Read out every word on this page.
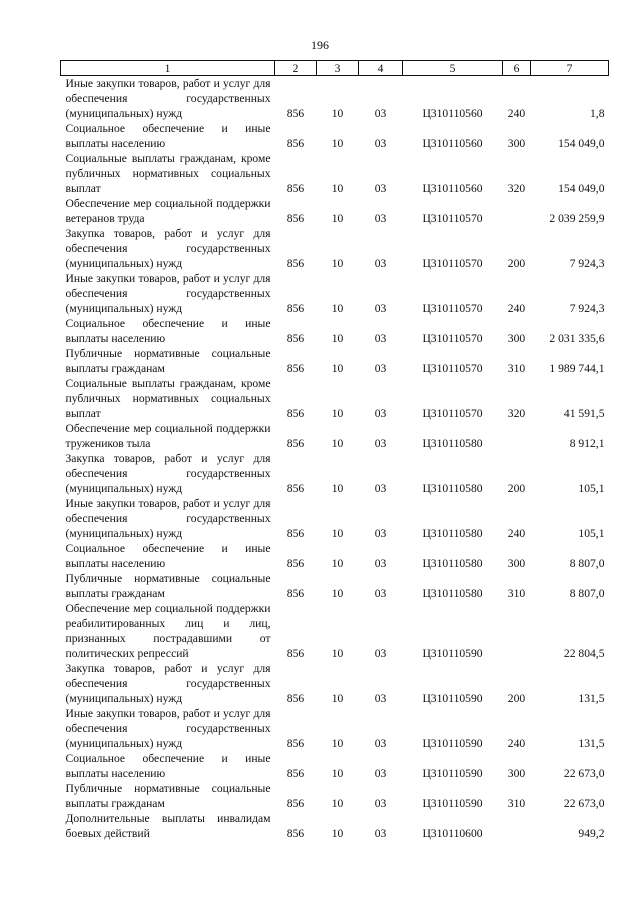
196
1	2	3	4	5	6	7
Иные закупки товаров, работ и услуг для обеспечения государственных (муниципальных) нужд	856	10	03	Ц310110560	240	1,8
Социальное обеспечение и иные выплаты населению	856	10	03	Ц310110560	300	154 049,0
Социальные выплаты гражданам, кроме публичных нормативных социальных выплат	856	10	03	Ц310110560	320	154 049,0
Обеспечение мер социальной поддержки ветеранов труда	856	10	03	Ц310110570		2 039 259,9
Закупка товаров, работ и услуг для обеспечения государственных (муниципальных) нужд	856	10	03	Ц310110570	200	7 924,3
Иные закупки товаров, работ и услуг для обеспечения государственных (муниципальных) нужд	856	10	03	Ц310110570	240	7 924,3
Социальное обеспечение и иные выплаты населению	856	10	03	Ц310110570	300	2 031 335,6
Публичные нормативные социальные выплаты гражданам	856	10	03	Ц310110570	310	1 989 744,1
Социальные выплаты гражданам, кроме публичных нормативных социальных выплат	856	10	03	Ц310110570	320	41 591,5
Обеспечение мер социальной поддержки тружеников тыла	856	10	03	Ц310110580		8 912,1
Закупка товаров, работ и услуг для обеспечения государственных (муниципальных) нужд	856	10	03	Ц310110580	200	105,1
Иные закупки товаров, работ и услуг для обеспечения государственных (муниципальных) нужд	856	10	03	Ц310110580	240	105,1
Социальное обеспечение и иные выплаты населению	856	10	03	Ц310110580	300	8 807,0
Публичные нормативные социальные выплаты гражданам	856	10	03	Ц310110580	310	8 807,0
Обеспечение мер социальной поддержки реабилитированных лиц и лиц, признанных пострадавшими от политических репрессий	856	10	03	Ц310110590		22 804,5
Закупка товаров, работ и услуг для обеспечения государственных (муниципальных) нужд	856	10	03	Ц310110590	200	131,5
Иные закупки товаров, работ и услуг для обеспечения государственных (муниципальных) нужд	856	10	03	Ц310110590	240	131,5
Социальное обеспечение и иные выплаты населению	856	10	03	Ц310110590	300	22 673,0
Публичные нормативные социальные выплаты гражданам	856	10	03	Ц310110590	310	22 673,0
Дополнительные выплаты инвалидам боевых действий	856	10	03	Ц310110600		949,2
